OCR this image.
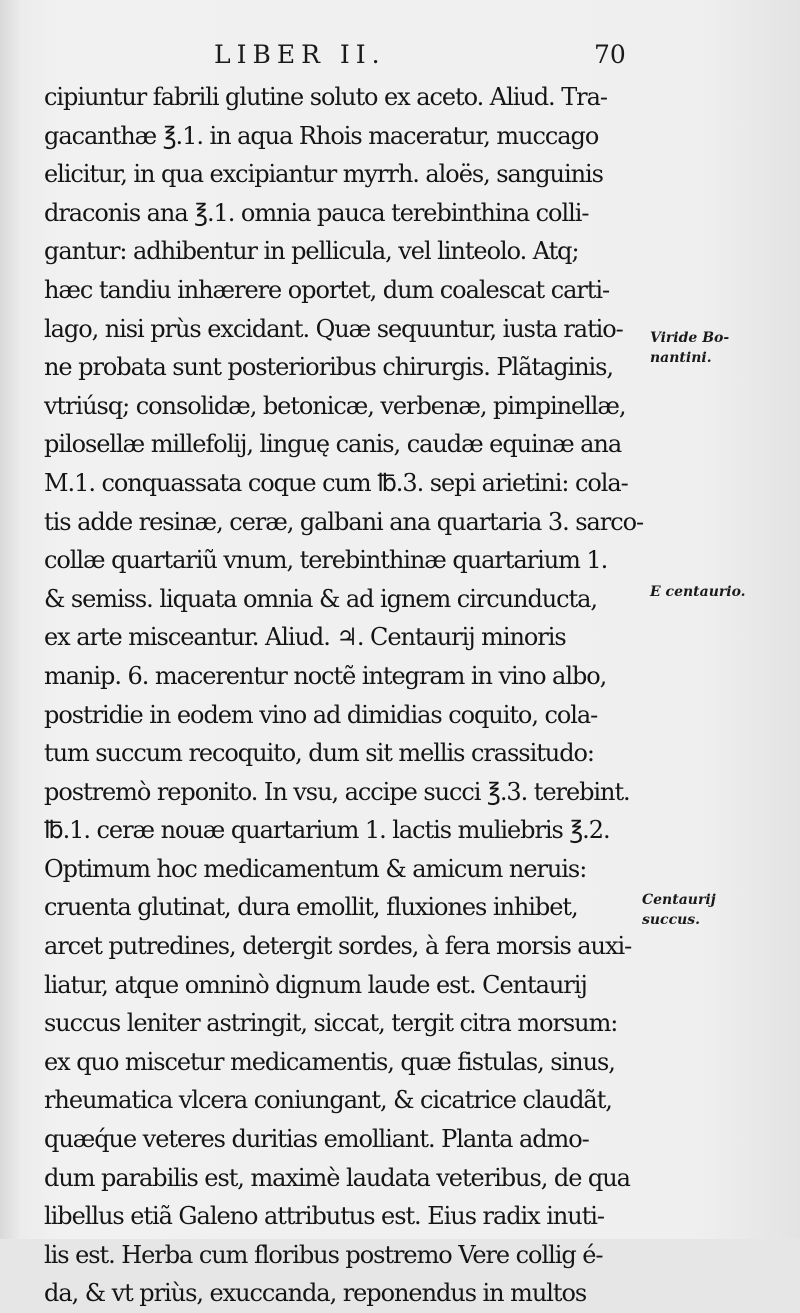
LIBER II.	70
cipiuntur fabrili glutine soluto ex aceto. Aliud. Tra-
gacanthæ ℥.1. in aqua Rhois maceratur, muccago
elicitur, in qua excipiantur myrrh. aloës, sanguinis
draconis ana ℥.1. omnia pauca terebinthina colli-
gantur: adhibentur in pellicula, vel linteolo. Atq;
hæc tandiu inhærere oportet, dum coalescat carti-
lago, nisi prùs excidant. Quæ sequuntur, iusta ratio-
ne probata sunt posterioribus chirurgis. Plãtaginis,
vtriúsq; consolidæ, betonicæ, verbenæ, pimpinellæ,
pilosellæ millefolij, linguę canis, caudæ equinæ ana
M.1. conquassata coque cum ℔.3. sepi arietini: cola-
tis adde resinæ, ceræ, galbani ana quartaria 3. sarco-
collæ quartariũ vnum, terebinthinæ quartarium 1.
& semiss. liquata omnia & ad ignem circunducta,
ex arte misceantur. Aliud. ♃. Centaurij minoris
manip. 6. macerentur noctẽ integram in vino albo,
postridie in eodem vino ad dimidias coquito, cola-
tum succum recoquito, dum sit mellis crassitudo:
postremò reponito. In vsu, accipe succi ℥.3. terebint.
℔.1. ceræ nouæ quartarium 1. lactis muliebris ℥.2.
Optimum hoc medicamentum & amicum neruis:
cruenta glutinat, dura emollit, fluxiones inhibet,
arcet putredines, detergit sordes, à fera morsis auxi-
liatur, atque omninò dignum laude est. Centaurij
succus leniter astringit, siccat, tergit citra morsum:
ex quo miscetur medicamentis, quæ fistulas, sinus,
rheumatica vlcera coniungant, & cicatrice claudãt,
quæq́ue veteres duritias emolliant. Planta admo-
dum parabilis est, maximè laudata veteribus, de qua
libellus etiã Galeno attributus est. Eius radix inuti-
lis est. Herba cum floribus postremo Vere collig é-
da, & vt priùs, exuccanda, reponendus in multos
Viride Bo-
nantini.
E centaurio.
Centaurij
succus.
